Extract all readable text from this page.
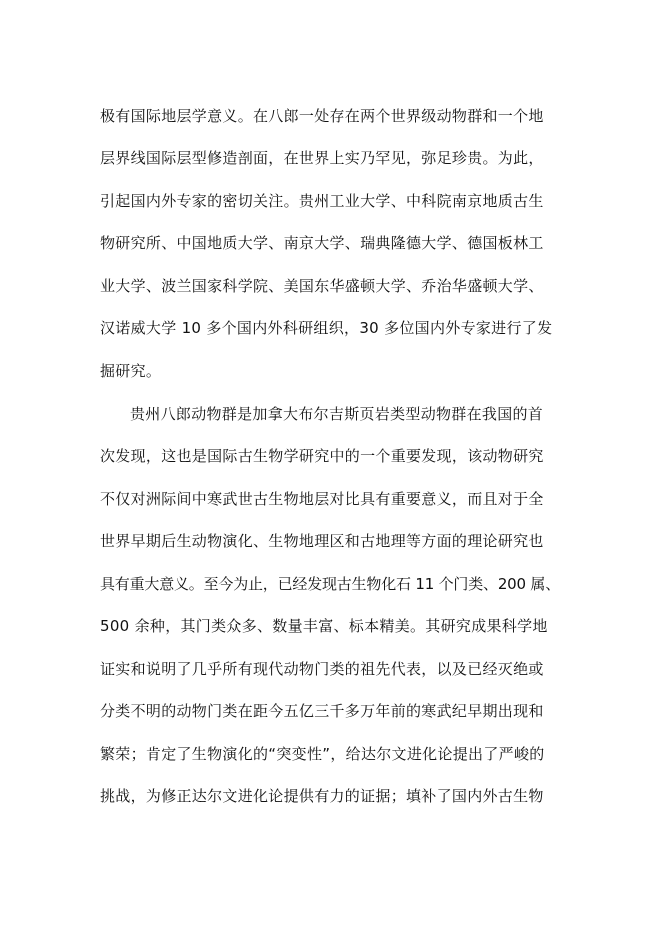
极有国际地层学意义。在八郎一处存在两个世界级动物群和一个地
层界线国际层型修造剖面，在世界上实乃罕见，弥足珍贵。为此，
引起国内外专家的密切关注。贵州工业大学、中科院南京地质古生
物研究所、中国地质大学、南京大学、瑞典隆德大学、德国板林工
业大学、波兰国家科学院、美国东华盛顿大学、乔治华盛顿大学、
汉诺威大学 10 多个国内外科研组织，30 多位国内外专家进行了发
掘研究。
贵州八郎动物群是加拿大布尔吉斯页岩类型动物群在我国的首
次发现，这也是国际古生物学研究中的一个重要发现，该动物研究
不仅对洲际间中寒武世古生物地层对比具有重要意义，而且对于全
世界早期后生动物演化、生物地理区和古地理等方面的理论研究也
具有重大意义。至今为止，已经发现古生物化石 11 个门类、200 属、
500 余种，其门类众多、数量丰富、标本精美。其研究成果科学地
证实和说明了几乎所有现代动物门类的祖先代表，以及已经灭绝或
分类不明的动物门类在距今五亿三千多万年前的寒武纪早期出现和
繁荣；肯定了生物演化的“突变性”，给达尔文进化论提出了严峻的
挑战，为修正达尔文进化论提供有力的证据；填补了国内外古生物
